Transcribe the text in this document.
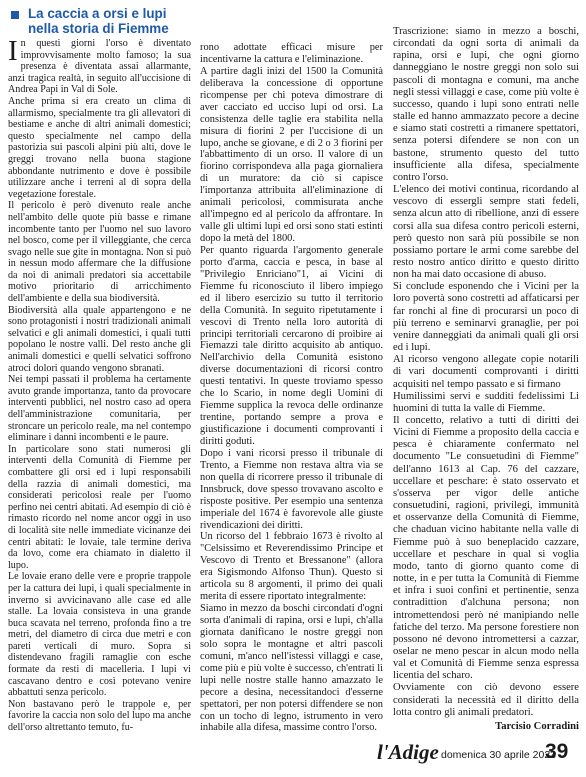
La caccia a orsi e lupi
nella storia di Fiemme

In questi giorni l'orso è diventato improvvisamente molto famoso; la sua presenza è diventata assai allarmante, anzi tragica realtà, in seguito all'uccisione di Andrea Papi in Val di Sole.

Anche prima si era creato un clima di allarmismo, specialmente tra gli allevatori di bestiame e anche di altri animali domestici; questo specialmente nel campo della pastorizia sui pascoli alpini più alti, dove le greggi trovano nella buona stagione abbondante nutrimento e dove è possibile utilizzare anche i terreni al di sopra della vegetazione forestale.

Il pericolo è però divenuto reale anche nell'ambito delle quote più basse e rimane incombente tanto per l'uomo nel suo lavoro nel bosco, come per il villeggiante, che cerca svago nelle sue gite in montagna. Non si può in nessun modo affermare che la diffusione da noi di animali predatori sia accettabile motivo prioritario di arricchimento dell'ambiente e della sua biodiversità.

Biodiversità alla quale appartengono e ne sono protagonisti i nostri tradizionali animali selvatici e gli animali domestici, i quali tutti popolano le nostre valli. Del resto anche gli animali domestici e quelli selvatici soffrono atroci dolori quando vengono sbranati.

Nei tempi passati il problema ha certamente avuto grande importanza, tanto da provocare interventi pubblici, nel nostro caso ad opera dell'amministrazione comunitaria, per stroncare un pericolo reale, ma nel contempo eliminare i danni incombenti e le paure.

In particolare sono stati numerosi gli interventi della Comunità di Fiemme per combattere gli orsi ed i lupi responsabili della razzia di animali domestici, ma considerati pericolosi reale per l'uomo perfino nei centri abitati. Ad esempio di ciò è rimasto ricordo nel nome ancor oggi in uso di località site nelle immediate vicinanze dei centri abitati: le lovaie, tale termine deriva da lovo, come era chiamato in dialetto il lupo.

Le lovaie erano delle vere e proprie trappole per la cattura dei lupi, i quali specialmente in inverno si avvicinavano alle case ed alle stalle. La lovaia consisteva in una grande buca scavata nel terreno, profonda fino a tre metri, del diametro di circa due metri e con pareti verticali di muro. Sopra si distendevano fragili ramaglie con esche formate da resti di macelleria. I lupi vi cascavano dentro e così potevano venire abbattuti senza pericolo.

Non bastavano però le trappole e, per favorire la caccia non solo del lupo ma anche dell'orso altrettanto temuto, fu-

rono adottate efficaci misure per incentivarne la cattura e l'eliminazione.

A partire dagli inizi del 1500 la Comunità deliberava la concessione di opportune ricompense per chi poteva dimostrare di aver cacciato ed ucciso lupi od orsi. La consistenza delle taglie era stabilita nella misura di fiorini 2 per l'uccisione di un lupo, anche se giovane, e di 2 o 3 fiorini per l'abbattimento di un orso. Il valore di un fiorino corrispondeva alla paga giornaliera di un muratore: da ciò si capisce l'importanza attribuita all'eliminazione di animali pericolosi, commisurata anche all'impegno ed al pericolo da affrontare. In valle gli ultimi lupi ed orsi sono stati estinti dopo la metà del 1800.

Per quanto riguarda l'argomento generale porto d'arma, caccia e pesca, in base al "Privilegio Enriciano"1, ai Vicini di Fiemme fu riconosciuto il libero impiego ed il libero esercizio su tutto il territorio della Comunità. In seguito ripetutamente i vescovi di Trento nella loro autorità di principi territoriali cercarono di proibire ai Fiemazzi tale diritto acquisito ab antiquo. Nell'archivio della Comunità esistono diverse documentazioni di ricorsi contro questi tentativi. In queste troviamo spesso che lo Scario, in nome degli Uomini di Fiemme supplica la revoca delle ordinanze trentine, portando sempre a prova e giustificazione i documenti comprovanti i diritti goduti.

Dopo i vani ricorsi presso il tribunale di Trento, a Fiemme non restava altra via se non quella di ricorrere presso il tribunale di Innsbruck, dove spesso trovavano ascolto e risposte positive. Per esempio una sentenza imperiale del 1674 è favorevole alle giuste rivendicazioni dei diritti.

Un ricorso del 1 febbraio 1673 è rivolto al "Celsissimo et Reverendissimo Principe et Vescovo di Trento et Bressanone" (allora era Sigismondo Alfonso Thun). Questo si articola su 8 argomenti, il primo dei quali merita di essere riportato integralmente:

Siamo in mezzo da boschi circondati d'ogni sorta d'animali di rapina, orsi e lupi, ch'alla giornata danificano le nostre greggi non solo sopra le montagne et altri pascoli comuni, m'anco nell'istessi villaggi e case, come più e più volte è successo, ch'entrati lì lupi nelle nostre stalle hanno amazzato le pecore a desina, necessitandoci d'esserne spettatori, per non potersi diffendere se non con un tocho di legno, istrumento in vero inhabile alla difesa, massime contro l'orso.

Trascrizione: siamo in mezzo a boschi, circondati da ogni sorta di animali da rapina, orsi e lupi, che ogni giorno danneggiano le nostre greggi non solo sui pascoli di montagna e comuni, ma anche negli stessi villaggi e case, come più volte è successo, quando i lupi sono entrati nelle stalle ed hanno ammazzato pecore a decine e siamo stati costretti a rimanere spettatori, senza potersi difendere se non con un bastone, strumento questo del tutto insufficiente alla difesa, specialmente contro l'orso.

L'elenco dei motivi continua, ricordando al vescovo di essergli sempre stati fedeli, senza alcun atto di ribellione, anzi di essere corsi alla sua difesa contro pericoli esterni, però questo non sarà più possibile se non possiamo portare le armi come sarebbe del resto nostro antico diritto e questo diritto non ha mai dato occasione di abuso.

Si conclude esponendo che i Vicini per la loro povertà sono costretti ad affaticarsi per far ronchi al fine di procurarsi un poco di più terreno e seminarvi granaglie, per poi venire danneggiati da animali quali gli orsi ed i lupi.

Al ricorso vengono allegate copie notarili di vari documenti comprovanti i diritti acquisiti nel tempo passato e si firmano

Humilissimi servi e sudditi fedelissimi Li huomini di tutta la valle di Fiemme.

Il concetto, relativo a tutti di diritti dei Vicini di Fiemme a proposito della caccia e pesca è chiaramente confermato nel documento "Le consuetudini di Fiemme" dell'anno 1613 al Cap. 76 del cazzare, uccellare et peschare: è stato osservato et s'osserva per vigor delle antiche consuetudini, ragioni, privilegi, immunità et osservanze della Comunità di Fiemme, che chaduan vicino habitante nella valle di Fiemme può à suo beneplacido cazzare, uccellare et peschare in qual si voglia modo, tanto di giorno quanto come di notte, in e per tutta la Comunità di Fiemme et infra i suoi confini et pertinentie, senza contradittion d'alchuna persona; non intromettendosi però né manipiando nelle fatiche del terzo. Ma persone forestiere non possono né devono intromettersi a cazzar, oselar ne meno pescar in alcun modo nella val et Comunità di Fiemme senza espressa licentia del scharo.

Ovviamente con ciò devono essere considerati la necessità ed il diritto della lotta contro gli animali predatori.

Tarcisio Corradini
l'Adige domenica 30 aprile 2023
39
